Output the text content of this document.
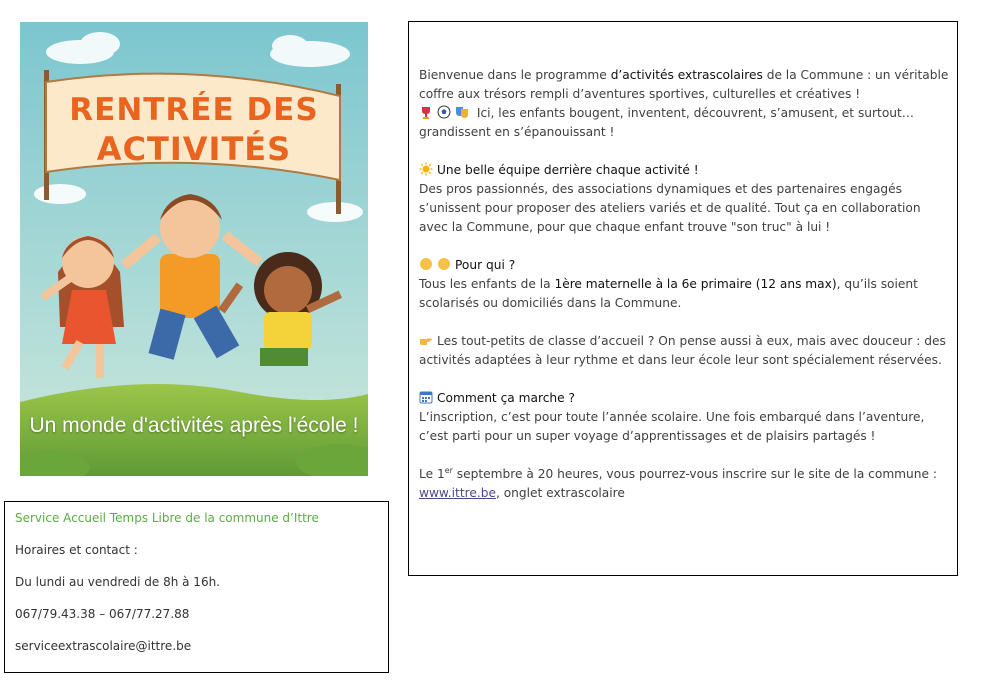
RENTRÉE DES
ACTIVITÉS
Un monde d'activités après l'école !

Service Accueil Temps Libre de la commune d’Ittre

Horaires et contact :

Du lundi au vendredi de 8h à 16h.

067/79.43.38 – 067/77.27.88

serviceextrascolaire@ittre.be

Bienvenue dans le programme d’activités extrascolaires de la Commune : un véritable coffre aux trésors rempli d’aventures sportives, culturelles et créatives !
Ici, les enfants bougent, inventent, découvrent, s’amusent, et surtout… grandissent en s’épanouissant !

Une belle équipe derrière chaque activité !
Des pros passionnés, des associations dynamiques et des partenaires engagés s’unissent pour proposer des ateliers variés et de qualité. Tout ça en collaboration avec la Commune, pour que chaque enfant trouve "son truc" à lui !

Pour qui ?
Tous les enfants de la 1ère maternelle à la 6e primaire (12 ans max), qu’ils soient scolarisés ou domiciliés dans la Commune.

Les tout-petits de classe d’accueil ? On pense aussi à eux, mais avec douceur : des activités adaptées à leur rythme et dans leur école leur sont spécialement réservées.

Comment ça marche ?
L’inscription, c’est pour toute l’année scolaire. Une fois embarqué dans l’aventure, c’est parti pour un super voyage d’apprentissages et de plaisirs partagés !

Le 1er septembre à 20 heures, vous pourrez-vous inscrire sur le site de la commune :
www.ittre.be, onglet extrascolaire
